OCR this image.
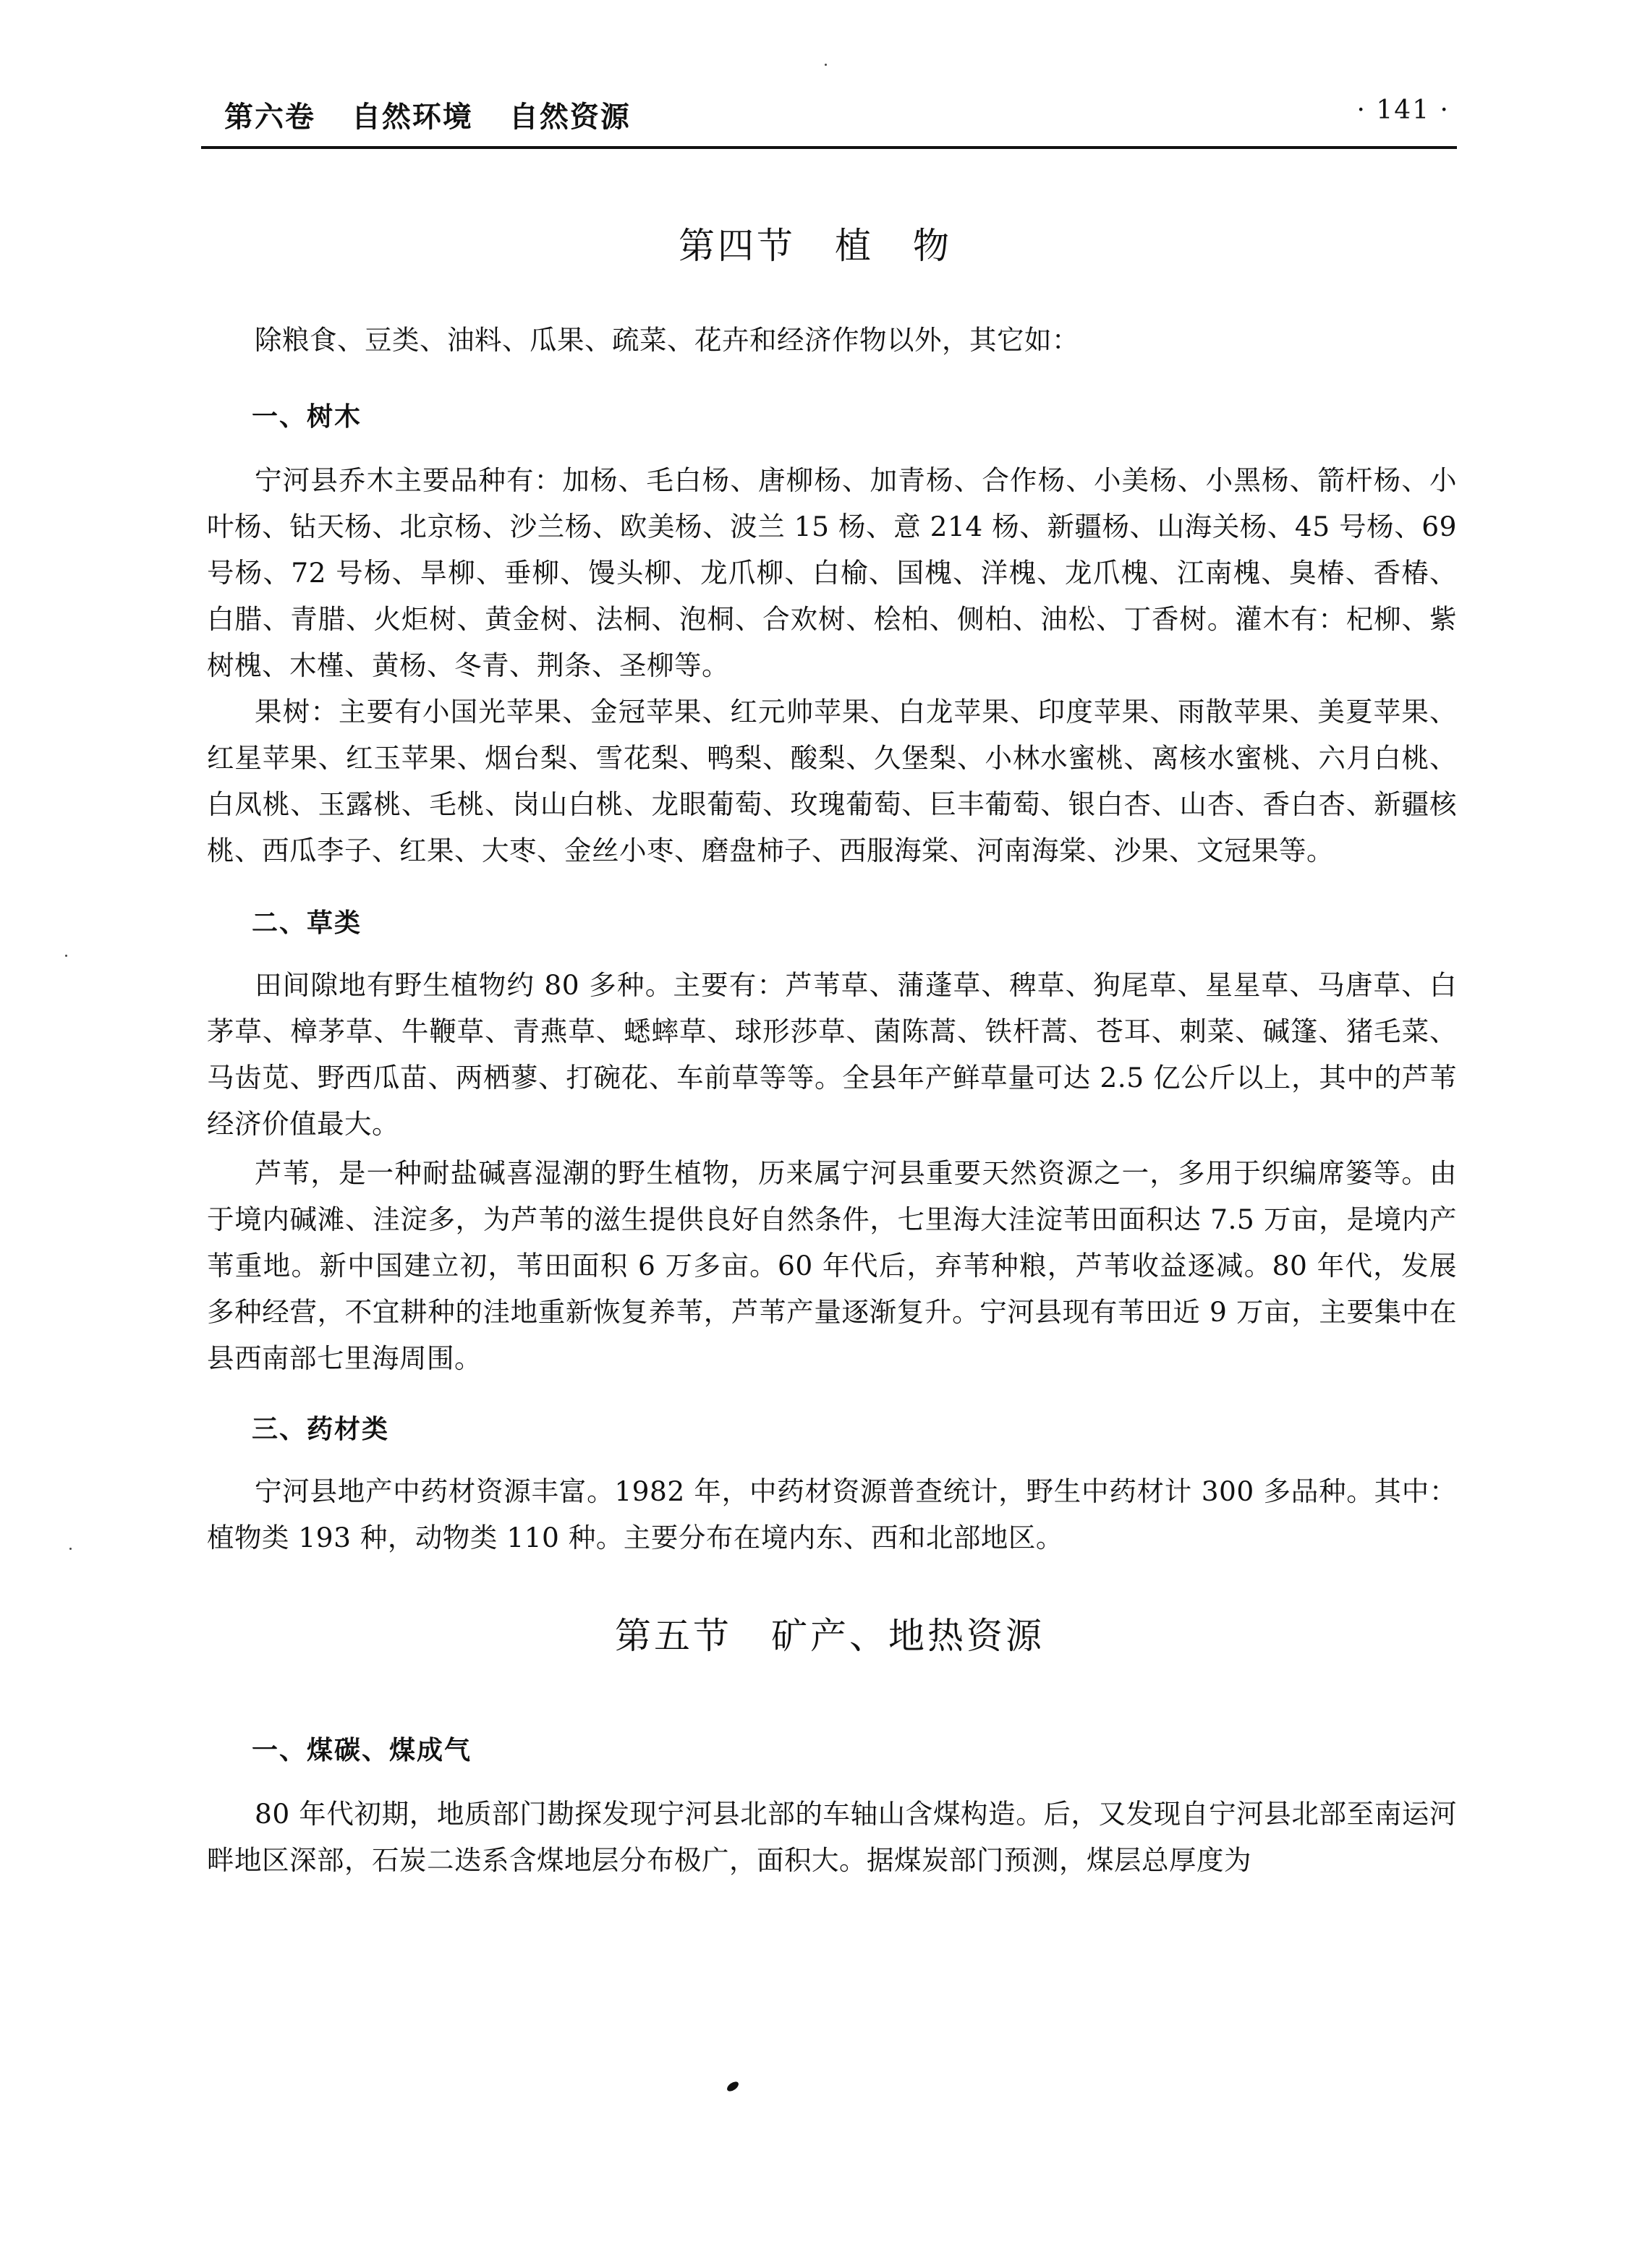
第六卷 自然环境 自然资源	· 141 ·
第四节　植　物
除粮食、豆类、油料、瓜果、疏菜、花卉和经济作物以外，其它如：
一、树木
宁河县乔木主要品种有：加杨、毛白杨、唐柳杨、加青杨、合作杨、小美杨、小黑杨、箭杆杨、小叶杨、钻天杨、北京杨、沙兰杨、欧美杨、波兰 15 杨、意 214 杨、新疆杨、山海关杨、45 号杨、69 号杨、72 号杨、旱柳、垂柳、馒头柳、龙爪柳、白榆、国槐、洋槐、龙爪槐、江南槐、臭椿、香椿、白腊、青腊、火炬树、黄金树、法桐、泡桐、合欢树、桧柏、侧柏、油松、丁香树。灌木有：杞柳、紫树槐、木槿、黄杨、冬青、荆条、圣柳等。
果树：主要有小国光苹果、金冠苹果、红元帅苹果、白龙苹果、印度苹果、雨散苹果、美夏苹果、红星苹果、红玉苹果、烟台梨、雪花梨、鸭梨、酸梨、久堡梨、小林水蜜桃、离核水蜜桃、六月白桃、白凤桃、玉露桃、毛桃、岗山白桃、龙眼葡萄、玫瑰葡萄、巨丰葡萄、银白杏、山杏、香白杏、新疆核桃、西瓜李子、红果、大枣、金丝小枣、磨盘柿子、西服海棠、河南海棠、沙果、文冠果等。
二、草类
田间隙地有野生植物约 80 多种。主要有：芦苇草、蒲蓬草、稗草、狗尾草、星星草、马唐草、白茅草、樟茅草、牛鞭草、青燕草、蟋蟀草、球形莎草、菌陈蒿、铁杆蒿、苍耳、刺菜、碱篷、猪毛菜、马齿苋、野西瓜苗、两栖蓼、打碗花、车前草等等。全县年产鲜草量可达 2.5 亿公斤以上，其中的芦苇经济价值最大。
芦苇，是一种耐盐碱喜湿潮的野生植物，历来属宁河县重要天然资源之一，多用于织编席篓等。由于境内碱滩、洼淀多，为芦苇的滋生提供良好自然条件，七里海大洼淀苇田面积达 7.5 万亩，是境内产苇重地。新中国建立初，苇田面积 6 万多亩。60 年代后，弃苇种粮，芦苇收益逐减。80 年代，发展多种经营，不宜耕种的洼地重新恢复养苇，芦苇产量逐渐复升。宁河县现有苇田近 9 万亩，主要集中在县西南部七里海周围。
三、药材类
宁河县地产中药材资源丰富。1982 年，中药材资源普查统计，野生中药材计 300 多品种。其中：植物类 193 种，动物类 110 种。主要分布在境内东、西和北部地区。
第五节　矿产、地热资源
一、煤碳、煤成气
80 年代初期，地质部门勘探发现宁河县北部的车轴山含煤构造。后，又发现自宁河县北部至南运河畔地区深部，石炭二迭系含煤地层分布极广，面积大。据煤炭部门预测，煤层总厚度为
